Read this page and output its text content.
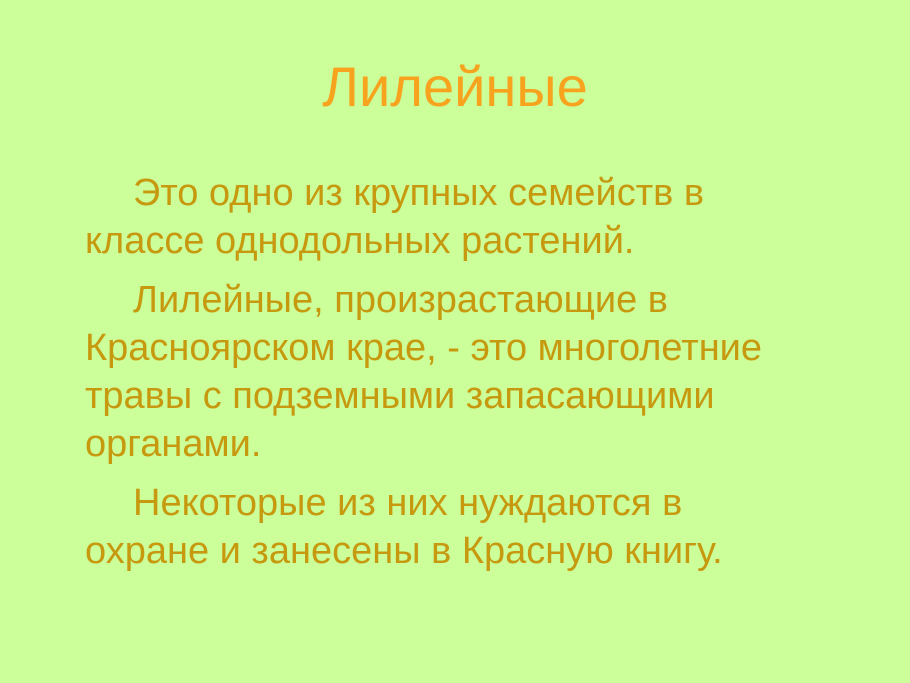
Лилейные
Это одно из крупных семейств в
классе однодольных растений.
Лилейные, произрастающие в
Красноярском крае, - это многолетние
травы с подземными запасающими
органами.
Некоторые из них нуждаются в
охране и занесены в Красную книгу.
